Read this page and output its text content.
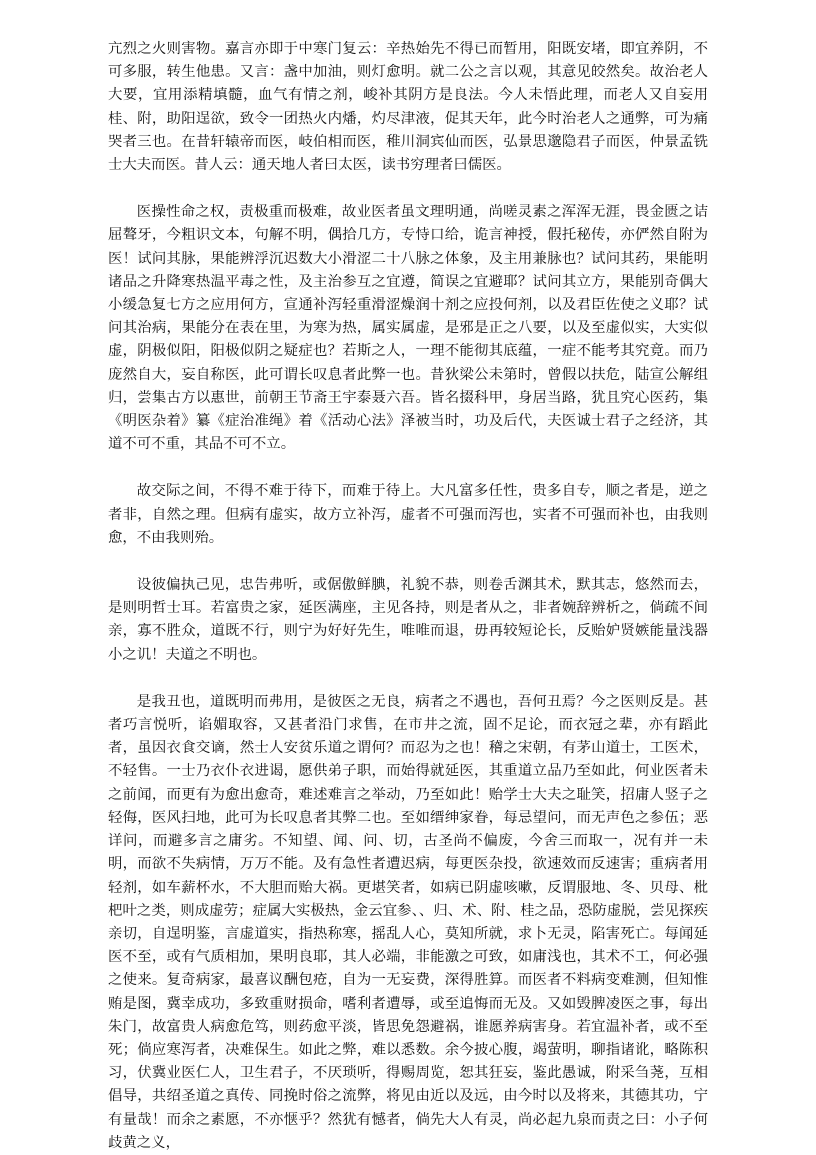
亢烈之火则害物。嘉言亦即于中寒门复云：辛热始先不得已而暂用，阳既安堵，即宜养阴，不可多服，转生他患。又言：盏中加油，则灯愈明。就二公之言以观，其意见皎然矣。故治老人大要，宜用添精填髓，血气有情之剂，峻补其阴方是良法。今人未悟此理，而老人又自妄用桂、附，助阳逞欲，致令一团热火内燔，灼尽津液，促其天年，此今时治老人之通弊，可为痛哭者三也。在昔轩辕帝而医，岐伯相而医，稚川洞宾仙而医，弘景思邈隐君子而医，仲景孟铣士大夫而医。昔人云：通天地人者曰太医，读书穷理者曰儒医。

医操性命之权，责极重而极难，故业医者虽文理明通，尚嗟灵素之浑浑无涯，畏金匮之诘屈聱牙，今粗识文本，句解不明，偶拾几方，专恃口给，诡言神授，假托秘传，亦俨然自附为医！试问其脉，果能辨浮沉迟数大小滑涩二十八脉之体象，及主用兼脉也？试问其药，果能明诸品之升降寒热温平毒之性，及主治参互之宜遵，简误之宜避耶？试问其立方，果能别奇偶大小缓急复七方之应用何方，宣通补泻轻重滑涩燥润十剂之应投何剂，以及君臣佐使之义耶？试问其治病，果能分在表在里，为寒为热，属实属虚，是邪是正之八要，以及至虚似实，大实似虚，阴极似阳，阳极似阴之疑症也？若斯之人，一理不能彻其底蕴，一症不能考其究竟。而乃庞然自大，妄自称医，此可谓长叹息者此弊一也。昔狄梁公未第时，曾假以扶危，陆宣公解组归，尝集古方以惠世，前朝王节斋王宇泰聂六吾。皆名掇科甲，身居当路，犹且究心医药，集《明医杂着》纂《症治准绳》着《活动心法》泽被当时，功及后代，夫医诚士君子之经济，其道不可不重，其品不可不立。

故交际之间，不得不难于待下，而难于待上。大凡富多任性，贵多自专，顺之者是，逆之者非，自然之理。但病有虚实，故方立补泻，虚者不可强而泻也，实者不可强而补也，由我则愈，不由我则殆。

设彼偏执己见，忠告弗听，或倨傲鲜腆，礼貌不恭，则卷舌渊其术，默其志，悠然而去，是则明哲士耳。若富贵之家，延医满座，主见各持，则是者从之，非者婉辞辨析之，倘疏不间亲，寡不胜众，道既不行，则宁为好好先生，唯唯而退，毋再较短论长，反贻妒贤嫉能量浅器小之讥！夫道之不明也。

是我丑也，道既明而弗用，是彼医之无良，病者之不遇也，吾何丑焉？今之医则反是。甚者巧言悦听，谄媚取容，又甚者沿门求售，在市井之流，固不足论，而衣冠之辈，亦有蹈此者，虽因衣食交谪，然士人安贫乐道之谓何？而忍为之也！稽之宋朝，有茅山道士，工医术，不轻售。一士乃衣仆衣进谒，愿供弟子职，而始得就延医，其重道立品乃至如此，何业医者未之前闻，而更有为愈出愈奇，难述难言之举动，乃至如此！贻学士大夫之耻笑，招庸人竖子之轻侮，医风扫地，此可为长叹息者其弊二也。至如缙绅家眷，每忌望问，而无声色之参伍；恶详问，而避多言之庸劣。不知望、闻、问、切，古圣尚不偏废，今舍三而取一，况有并一未明，而欲不失病情，万万不能。及有急性者遭迟病，每更医杂投，欲速效而反速害；重病者用轻剂，如车薪杯水，不大胆而贻大祸。更堪笑者，如病已阴虚咳嗽，反谓服地、冬、贝母、枇杷叶之类，则成虚劳；症属大实极热，金云宜参、、归、术、附、桂之品，恐防虚脱，尝见探疾亲切，自逞明鉴，言虚道实，指热称寒，摇乱人心，莫知所就，求卜无灵，陷害死亡。每闻延医不至，或有气质相加，果明良耶，其人必端，非能激之可致，如庸浅也，其术不工，何必强之使来。复奇病家，最喜议酬包疮，自为一无妄费，深得胜算。而医者不料病变难测，但知惟贿是图，冀幸成功，多致重财损命，嗜利者遭辱，或至追悔而无及。又如毁脾凌医之事，每出朱门，故富贵人病愈危笃，则药愈平淡，皆思免怨避祸，谁愿养病害身。若宜温补者，或不至死；倘应寒泻者，决难保生。如此之弊，难以悉数。余今披心腹，竭萤明，聊指诸讹，略陈积习，伏冀业医仁人，卫生君子，不厌琐听，得赐周览，恕其狂妄，鉴此愚诚，附采刍荛，互相倡导，共绍圣道之真传、同挽时俗之流弊，将见由近以及远，由今时以及将来，其德其功，宁有量哉！而余之素愿，不亦惬乎？然犹有憾者，倘先大人有灵，尚必起九泉而责之曰：小子何歧黄之义，
